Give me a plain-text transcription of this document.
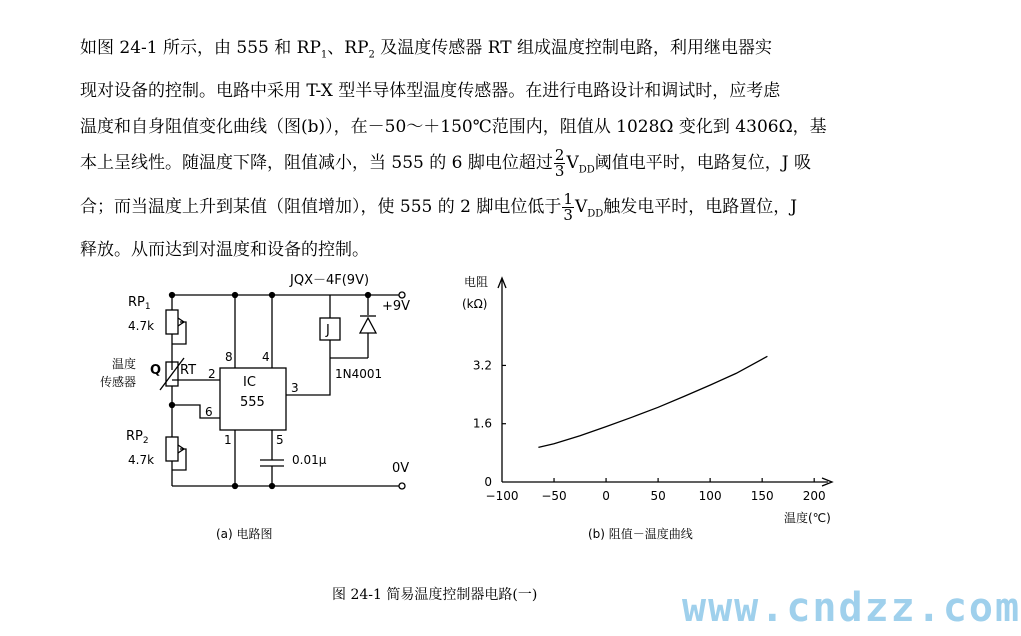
如图 24-1 所示，由 555 和 $RP_1$、$RP_2$ 及温度传感器 RT 组成温度控制电路，利用继电器实

现对设备的控制。电路中采用 T-X 型半导体型温度传感器。在进行电路设计和调试时，应考虑

温度和自身阻值变化曲线（图(b)），在－50～＋150℃范围内，阻值从 1028Ω 变化到 4306Ω，基

本上呈线性。随温度下降，阻值减小，当 555 的 6 脚电位超过 $\frac{2}{3} V_{DD}$阈值电平时，电路复位，J 吸

合；而当温度上升到某值（阻值增加），使 555 的 2 脚电位低于 $\frac{1}{3} V_{DD}$触发电平时，电路置位，J

释放。从而达到对温度和设备的控制。

JQX－4F(9V)
$RP_1$
4.7k
温度
传感器
Q RT
$RP_2$
4.7k
8 4
2
6
3
1	5
IC
555
J
1N4001
+9V
0.01μ
0V
(a) 电路图
−100 −50	0	50	100 150 200
0
1.6
3.2
电阻
(kΩ)
温度(℃)
(b) 阻值－温度曲线
图 24-1 简易温度控制器电路(一)	www.cndzz.com
